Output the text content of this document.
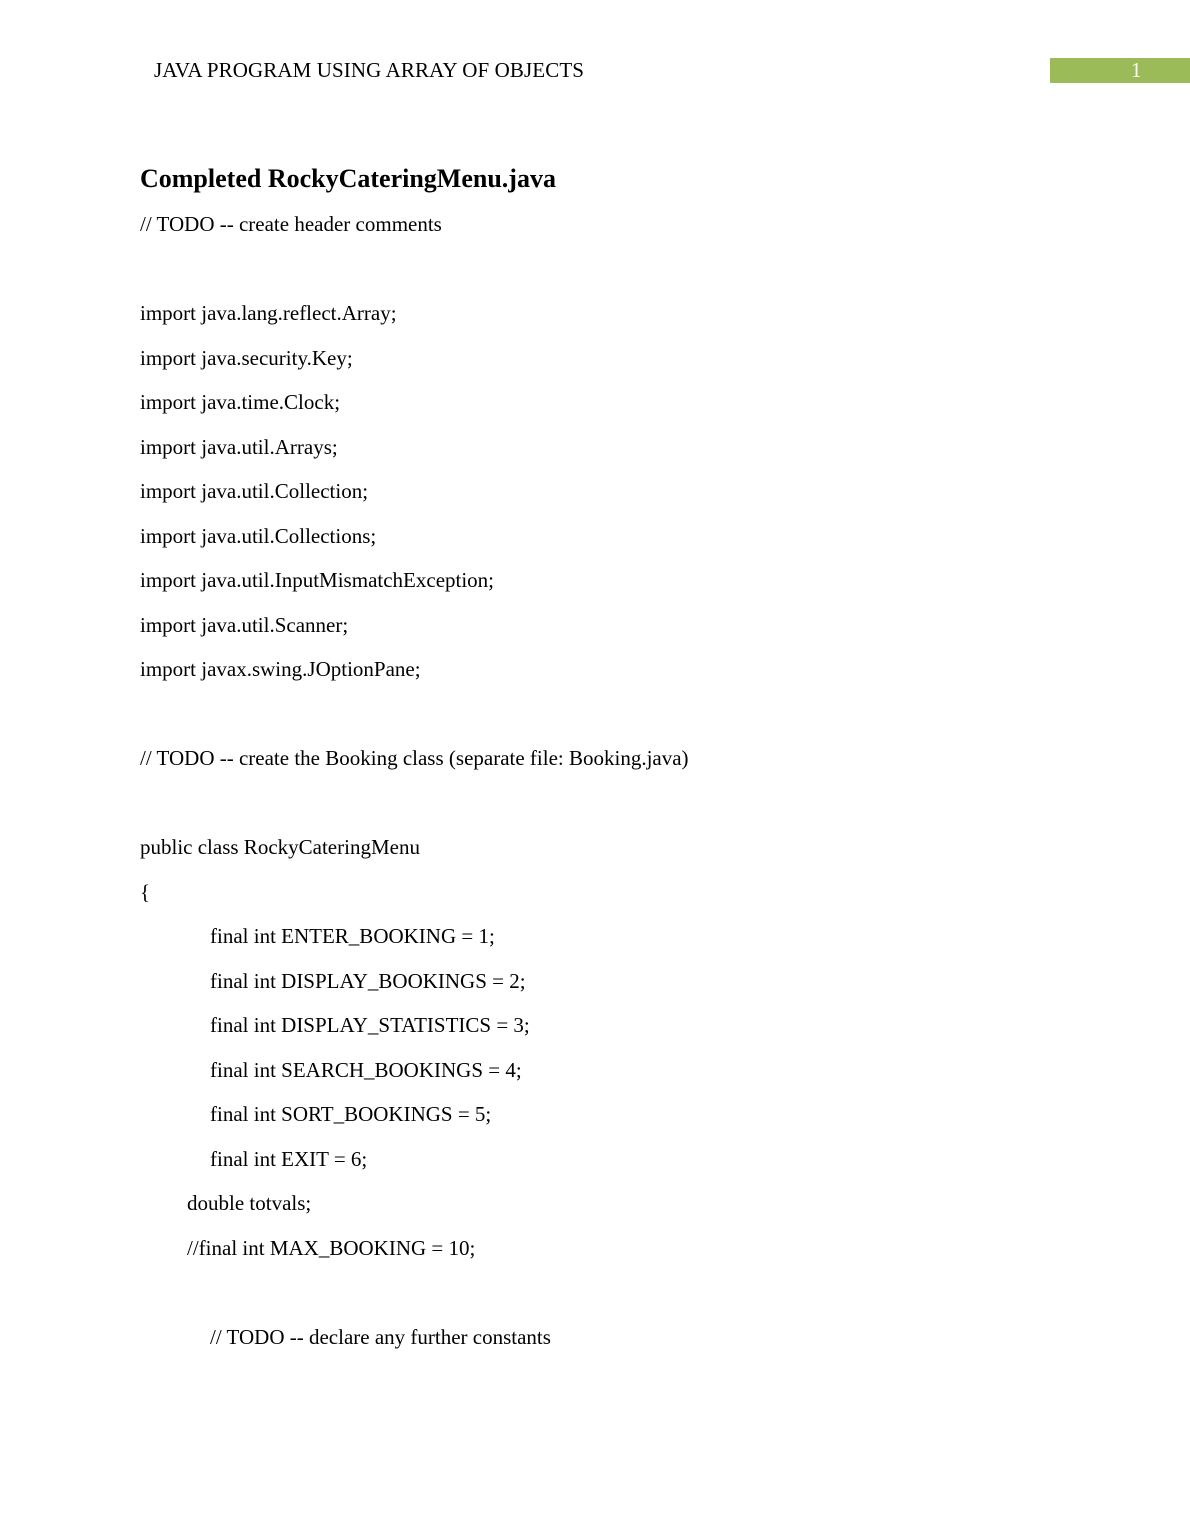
JAVA PROGRAM USING ARRAY OF OBJECTS	1
Completed RockyCateringMenu.java
// TODO -- create header comments
import java.lang.reflect.Array;
import java.security.Key;
import java.time.Clock;
import java.util.Arrays;
import java.util.Collection;
import java.util.Collections;
import java.util.InputMismatchException;
import java.util.Scanner;
import javax.swing.JOptionPane;
// TODO -- create the Booking class (separate file: Booking.java)
public class RockyCateringMenu
{
final int ENTER_BOOKING = 1;
final int DISPLAY_BOOKINGS = 2;
final int DISPLAY_STATISTICS = 3;
final int SEARCH_BOOKINGS = 4;
final int SORT_BOOKINGS = 5;
final int EXIT = 6;
double totvals;
//final int MAX_BOOKING = 10;
// TODO -- declare any further constants
